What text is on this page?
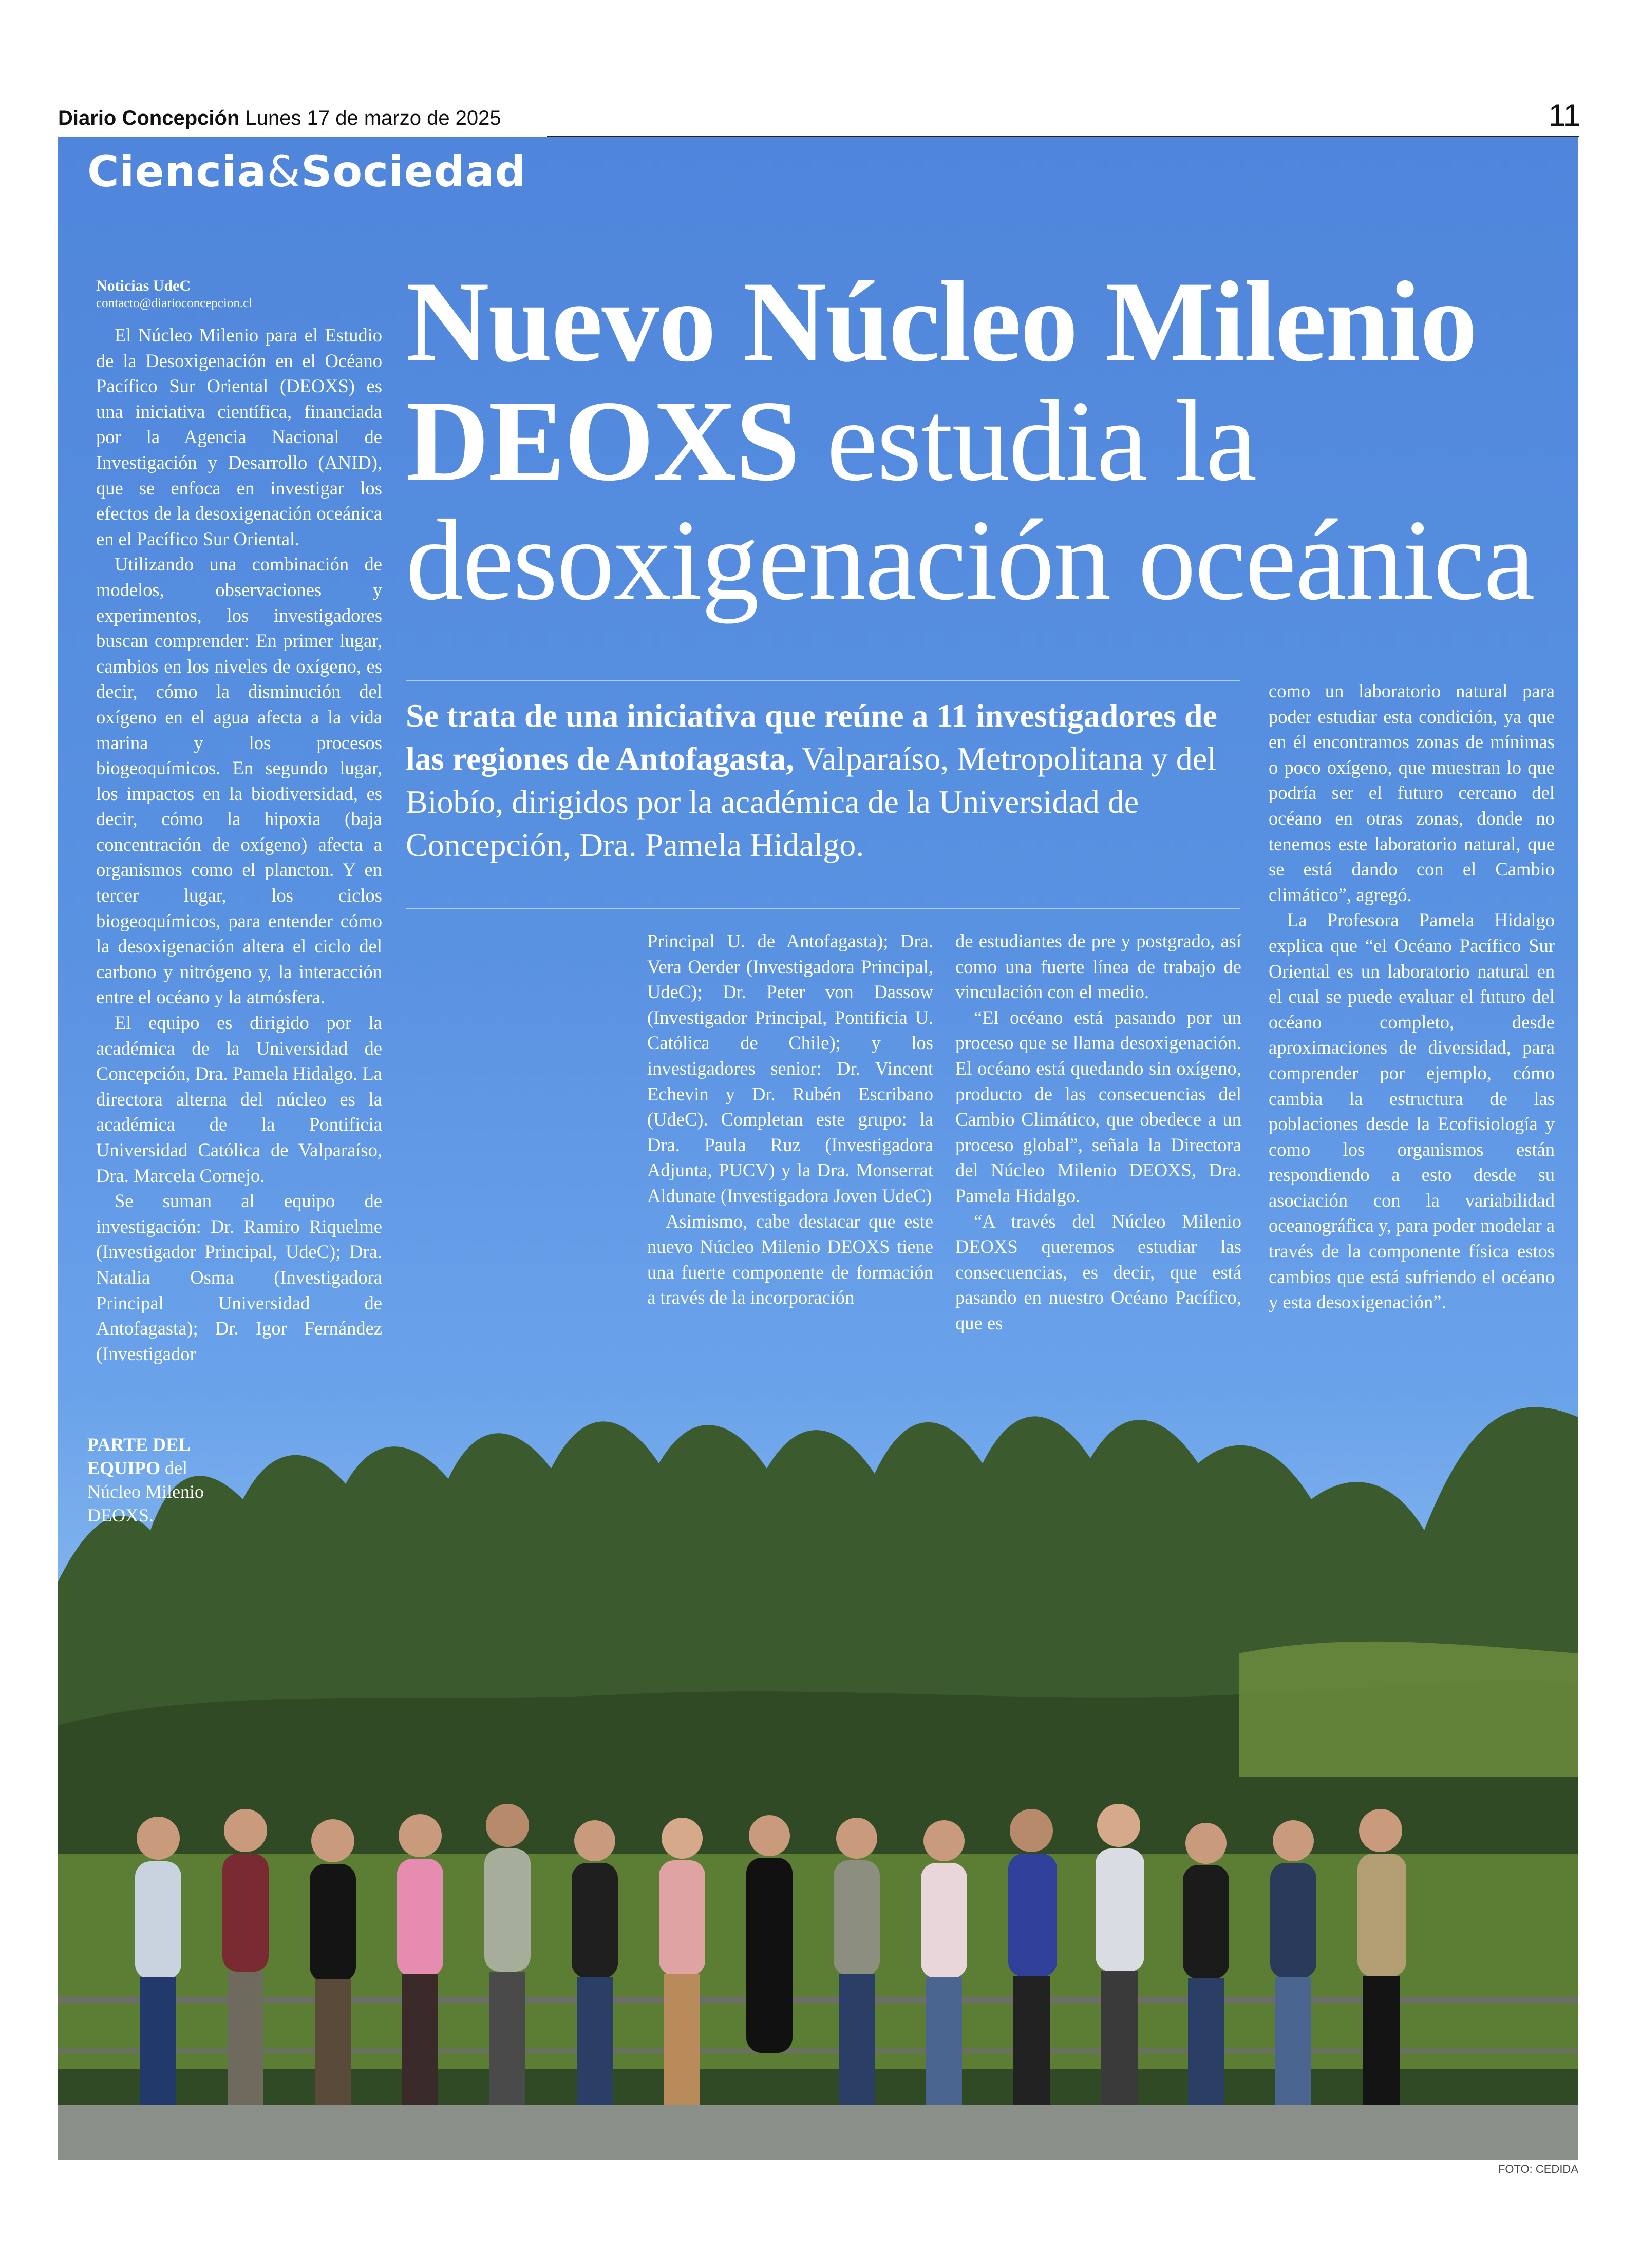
Diario Concepción Lunes 17 de marzo de 2025	11
Ciencia&Sociedad
Noticias UdeC
contacto@diarioconcepcion.cl	Nuevo Núcleo Milenio
DEOXS estudia la
desoxigenación oceánica
Se trata de una iniciativa que reúne a 11 investigadores de las regiones de Antofagasta, Valparaíso, Metropolitana y del Biobío, dirigidos por la académica de la Universidad de Concepción, Dra. Pamela Hidalgo.

El Núcleo Milenio para el Estudio de la Desoxigenación en el Océano Pacífico Sur Oriental (DEOXS) es una iniciativa científica, financiada por la Agencia Nacional de Investigación y Desarrollo (ANID), que se enfoca en investigar los efectos de la desoxigenación oceánica en el Pacífico Sur Oriental.

Utilizando una combinación de modelos, observaciones y experimentos, los investigadores buscan comprender: En primer lugar, cambios en los niveles de oxígeno, es decir, cómo la disminución del oxígeno en el agua afecta a la vida marina y los procesos biogeoquímicos. En segundo lugar, los impactos en la biodiversidad, es decir, cómo la hipoxia (baja concentración de oxígeno) afecta a organismos como el plancton. Y en tercer lugar, los ciclos biogeoquímicos, para entender cómo la desoxigenación altera el ciclo del carbono y nitrógeno y, la interacción entre el océano y la atmósfera.

El equipo es dirigido por la académica de la Universidad de Concepción, Dra. Pamela Hidalgo. La directora alterna del núcleo es la académica de la Pontificia Universidad Católica de Valparaíso, Dra. Marcela Cornejo.

Se suman al equipo de investigación: Dr. Ramiro Riquelme (Investigador Principal, UdeC); Dra. Natalia Osma (Investigadora Principal Universidad de Antofagasta); Dr. Igor Fernández (Investigador

Principal U. de Antofagasta); Dra. Vera Oerder (Investigadora Principal, UdeC); Dr. Peter von Dassow (Investigador Principal, Pontificia U. Católica de Chile); y los investigadores senior: Dr. Vincent Echevin y Dr. Rubén Escribano (UdeC). Completan este grupo: la Dra. Paula Ruz (Investigadora Adjunta, PUCV) y la Dra. Monserrat Aldunate (Investigadora Joven UdeC)

Asimismo, cabe destacar que este nuevo Núcleo Milenio DEOXS tiene una fuerte componente de formación a través de la incorporación

de estudiantes de pre y postgrado, así como una fuerte línea de trabajo de vinculación con el medio.

“El océano está pasando por un proceso que se llama desoxigenación. El océano está quedando sin oxígeno, producto de las consecuencias del Cambio Climático, que obedece a un proceso global”, señala la Directora del Núcleo Milenio DEOXS, Dra. Pamela Hidalgo.

“A través del Núcleo Milenio DEOXS queremos estudiar las consecuencias, es decir, que está pasando en nuestro Océano Pacífico, que es

como un laboratorio natural para poder estudiar esta condición, ya que en él encontramos zonas de mínimas o poco oxígeno, que muestran lo que podría ser el futuro cercano del océano en otras zonas, donde no tenemos este laboratorio natural, que se está dando con el Cambio climático”, agregó.

La Profesora Pamela Hidalgo explica que “el Océano Pacífico Sur Oriental es un laboratorio natural en el cual se puede evaluar el futuro del océano completo, desde aproximaciones de diversidad, para comprender por ejemplo, cómo cambia la estructura de las poblaciones desde la Ecofisiología y como los organismos están respondiendo a esto desde su asociación con la variabilidad oceanográfica y, para poder modelar a través de la componente física estos cambios que está sufriendo el océano y esta desoxigenación”.

PARTE DEL EQUIPO del Núcleo Milenio DEOXS.
FOTO: CEDIDA
